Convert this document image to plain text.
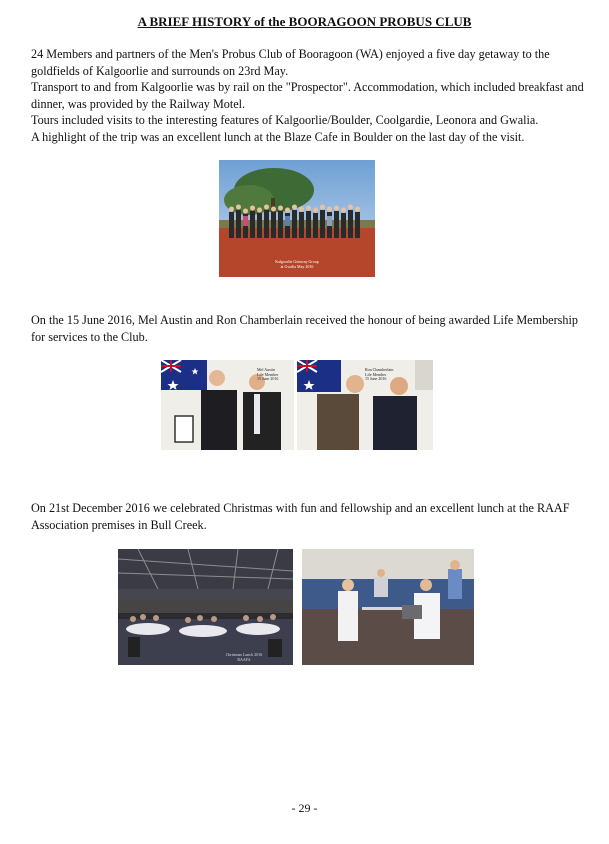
A BRIEF HISTORY of the BOORAGOON PROBUS CLUB
24 Members and partners of the Men's Probus Club of Booragoon (WA) enjoyed a five day getaway to the goldfields of Kalgoorlie and surrounds on 23rd May.
Transport to and from Kalgoorlie was by rail on the "Prospector". Accommodation, which included breakfast and dinner, was provided by the Railway Motel.
Tours included visits to the interesting features of Kalgoorlie/Boulder, Coolgardie, Leonora and Gwalia.
A highlight of the trip was an excellent lunch at the Blaze Cafe in Boulder on the last day of the visit.
Kalgoorlie Getaway Group
at Gwalia May 2016
On the 15 June 2016, Mel Austin and Ron Chamberlain received the honour of being awarded Life Membership for services to the Club.
Mel Austin
Life Member
15 June 2016
Ron Chamberlain
Life Member
15 June 2016
On 21st December 2016 we celebrated Christmas with fun and fellowship and an excellent lunch at the RAAF Association premises in Bull Creek.
Christmas Lunch 2016
RAAFA
- 29 -
